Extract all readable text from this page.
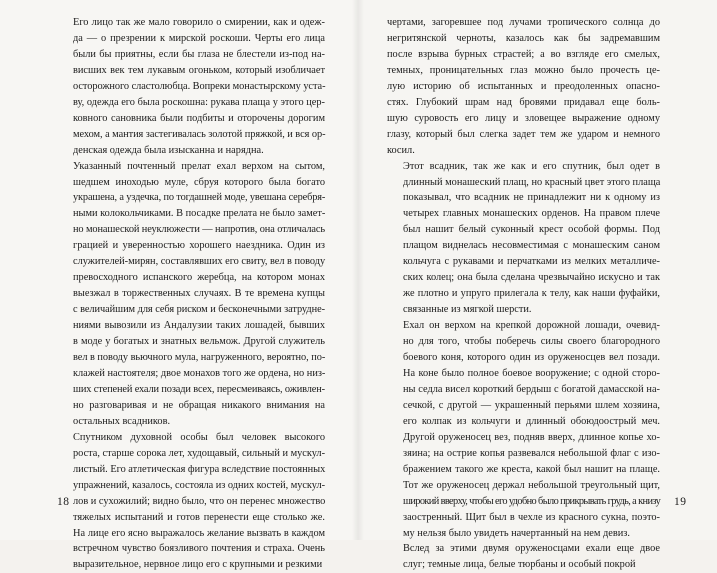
Его лицо так же мало говорило о смирении, как и одеж-
да — о презрении к мирской роскоши. Черты его лица
были бы приятны, если бы глаза не блестели из-под на-
висших век тем лукавым огоньком, который изобличает
осторожного сластолюбца. Вопреки монастырскому уста-
ву, одежда его была роскошна: рукава плаща у этого цер-
ковного сановника были подбиты и оторочены дорогим
мехом, а мантия застегивалась золотой пряжкой, и вся ор-
денская одежда была изысканна и нарядна.

Указанный почтенный прелат ехал верхом на сытом,
шедшем иноходью муле, сбруя которого была богато
украшена, а уздечка, по тогдашней моде, увешана серебря-
ными колокольчиками. В посадке прелата не было замет-
но монашеской неуклюжести — напротив, она отличалась
грацией и уверенностью хорошего наездника. Один из
служителей-мирян, составлявших его свиту, вел в поводу
превосходного испанского жеребца, на котором монах
выезжал в торжественных случаях. В те времена купцы
с величайшим для себя риском и бесконечными затрудне-
ниями вывозили из Андалузии таких лошадей, бывших
в моде у богатых и знатных вельмож. Другой служитель
вел в поводу вьючного мула, нагруженного, вероятно, по-
клажей настоятеля; двое монахов того же ордена, но низ-
ших степеней ехали позади всех, пересмеиваясь, оживлен-
но разговаривая и не обращая никакого внимания на
остальных всадников.

Спутником духовной особы был человек высокого
роста, старше сорока лет, худощавый, сильный и мускул-
листый. Его атлетическая фигура вследствие постоянных
упражнений, казалось, состояла из одних костей, мускул-
лов и сухожилий; видно было, что он перенес множество
тяжелых испытаний и готов перенести еще столько же.
На лице его ясно выражалось желание вызвать в каждом
встречном чувство боязливого почтения и страха. Очень
выразительное, нервное лицо его с крупными и резкими

18

чертами, загоревшее под лучами тропического солнца до
негритянской черноты, казалось как бы задремавшим
после взрыва бурных страстей; а во взгляде его смелых,
темных, проницательных глаз можно было прочесть це-
лую историю об испытанных и преодоленных опасно-
стях. Глубокий шрам над бровями придавал еще боль-
шую суровость его лицу и зловещее выражение одному
глазу, который был слегка задет тем же ударом и немного
косил.

Этот всадник, так же как и его спутник, был одет в
длинный монашеский плащ, но красный цвет этого плаща
показывал, что всадник не принадлежит ни к одному из
четырех главных монашеских орденов. На правом плече
был нашит белый суконный крест особой формы. Под
плащом виднелась несовместимая с монашеским саном
кольчуга с рукавами и перчатками из мелких металличе-
ских колец; она была сделана чрезвычайно искусно и так
же плотно и упруго прилегала к телу, как наши фуфайки,
связанные из мягкой шерсти.

Ехал он верхом на крепкой дорожной лошади, очевид-
но для того, чтобы поберечь силы своего благородного
боевого коня, которого один из оруженосцев вел позади.
На коне было полное боевое вооружение; с одной сторо-
ны седла висел короткий бердыш с богатой дамасской на-
сечкой, с другой — украшенный перьями шлем хозяина,
его колпак из кольчуги и длинный обоюдоострый меч.
Другой оруженосец вез, подняв вверх, длинное копье хо-
зяина; на острие копья развевался небольшой флаг с изо-
бражением такого же креста, какой был нашит на плаще.
Тот же оруженосец держал небольшой треугольный щит,
широкий вверху, чтобы его удобно было прикрывать грудь, а книзу
заостренный. Щит был в чехле из красного сукна, поэто-
му нельзя было увидеть начертанный на нем девиз.

Вслед за этими двумя оруженосцами ехали еще двое
слуг; темные лица, белые тюрбаны и особый покрой

19
